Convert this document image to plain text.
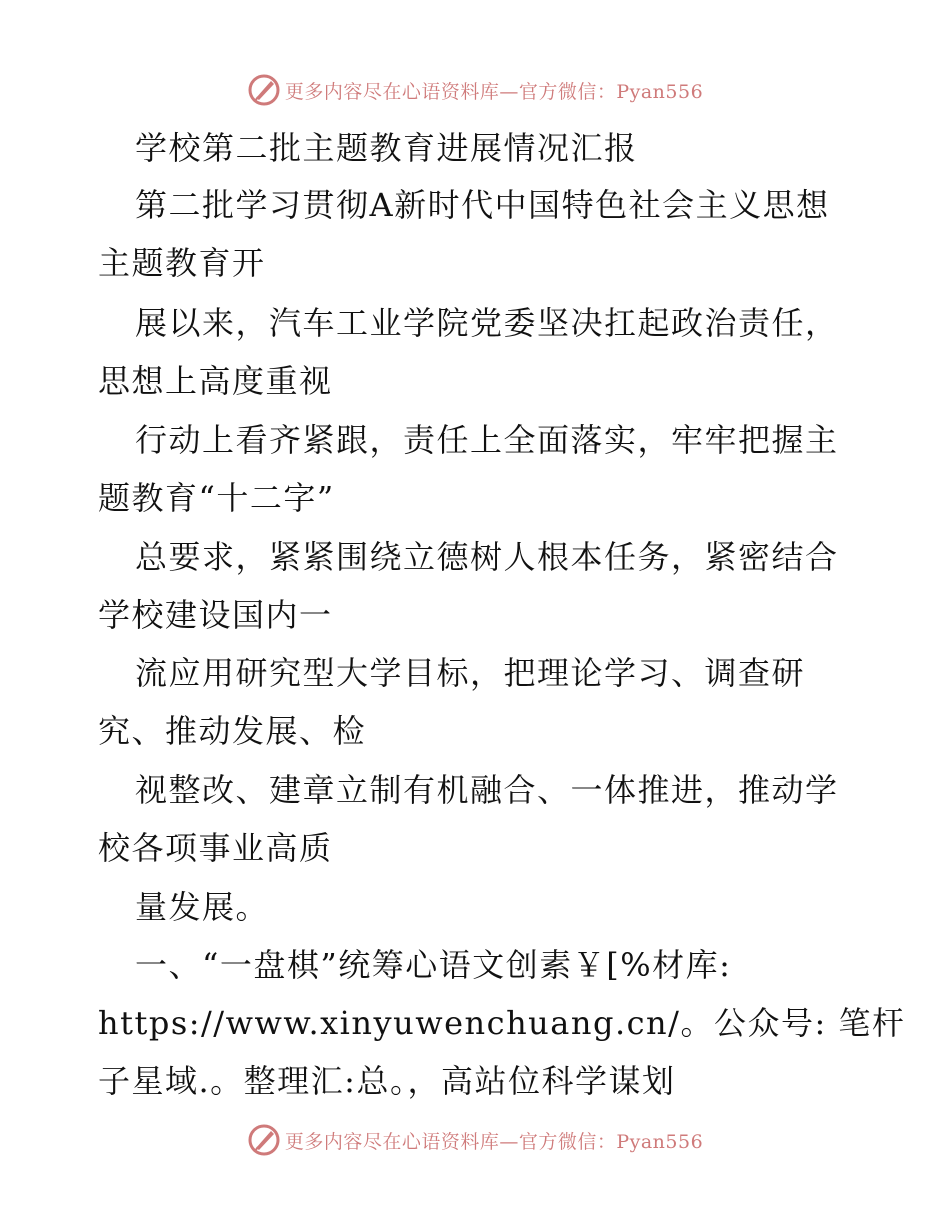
更多内容尽在心语资料库—官方微信：Pyan556
学校第二批主题教育进展情况汇报
第二批学习贯彻A新时代中国特色社会主义思想
主题教育开
展以来，汽车工业学院党委坚决扛起政治责任，
思想上高度重视
行动上看齐紧跟，责任上全面落实，牢牢把握主
题教育“十二字”
总要求，紧紧围绕立德树人根本任务，紧密结合
学校建设国内一
流应用研究型大学目标，把理论学习、调查研
究、推动发展、检
视整改、建章立制有机融合、一体推进，推动学
校各项事业高质
量发展。
一、“一盘棋”统筹心语文创素￥[%材库:
https://www.xinyuwenchuang.cn/。公众号: 笔杆
子星域.。整理汇:总。，高站位科学谋划
更多内容尽在心语资料库—官方微信：Pyan556
